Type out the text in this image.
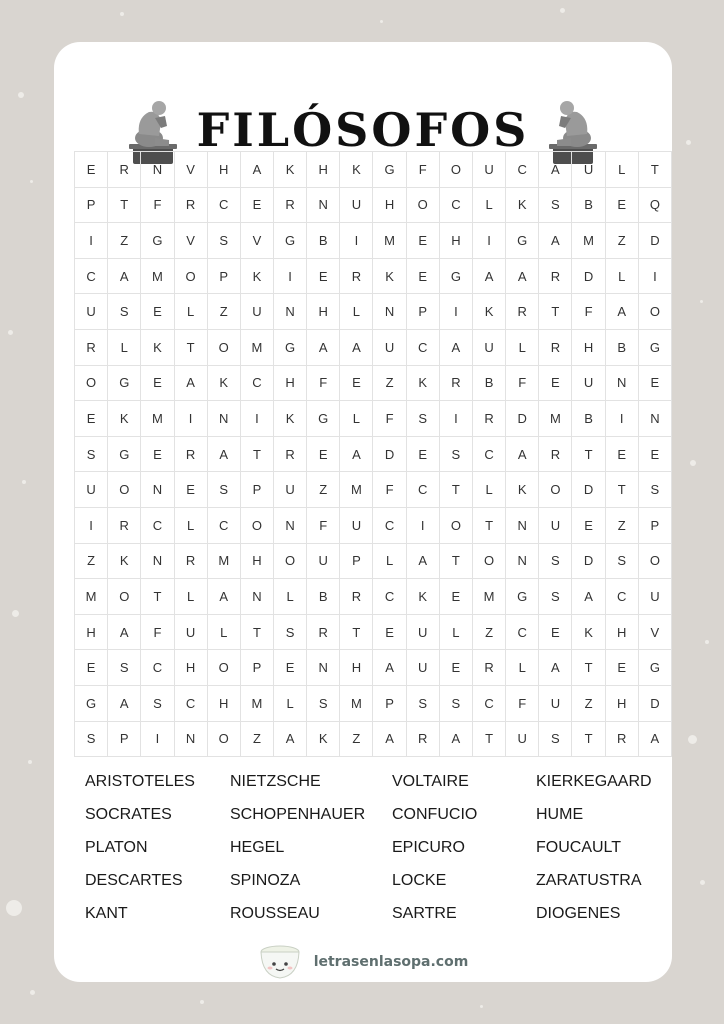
FILÓSOFOS
E	R	N	V	H	A	K	H	K	G	F	O	U	C	A	U	L	T
P	T	F	R	C	E	R	N	U	H	O	C	L	K	S	B	E	Q
I	Z	G	V	S	V	G	B	I	M	E	H	I	G	A	M	Z	D
C	A	M	O	P	K	I	E	R	K	E	G	A	A	R	D	L	I
U	S	E	L	Z	U	N	H	L	N	P	I	K	R	T	F	A	O
R	L	K	T	O	M	G	A	A	U	C	A	U	L	R	H	B	G
O	G	E	A	K	C	H	F	E	Z	K	R	B	F	E	U	N	E
E	K	M	I	N	I	K	G	L	F	S	I	R	D	M	B	I	N
S	G	E	R	A	T	R	E	A	D	E	S	C	A	R	T	E	E
U	O	N	E	S	P	U	Z	M	F	C	T	L	K	O	D	T	S
I	R	C	L	C	O	N	F	U	C	I	O	T	N	U	E	Z	P
Z	K	N	R	M	H	O	U	P	L	A	T	O	N	S	D	S	O
M	O	T	L	A	N	L	B	R	C	K	E	M	G	S	A	C	U
H	A	F	U	L	T	S	R	T	E	U	L	Z	C	E	K	H	V
E	S	C	H	O	P	E	N	H	A	U	E	R	L	A	T	E	G
G	A	S	C	H	M	L	S	M	P	S	S	C	F	U	Z	H	D
S	P	I	N	O	Z	A	K	Z	A	R	A	T	U	S	T	R	A
ARISTOTELES	NIETZSCHE	VOLTAIRE	KIERKEGAARD
SOCRATES	SCHOPENHAUER	CONFUCIO	HUME
PLATON	HEGEL	EPICURO	FOUCAULT
DESCARTES	SPINOZA	LOCKE	ZARATUSTRA
KANT	ROUSSEAU	SARTRE	DIOGENES
letrasenlasopa.com
